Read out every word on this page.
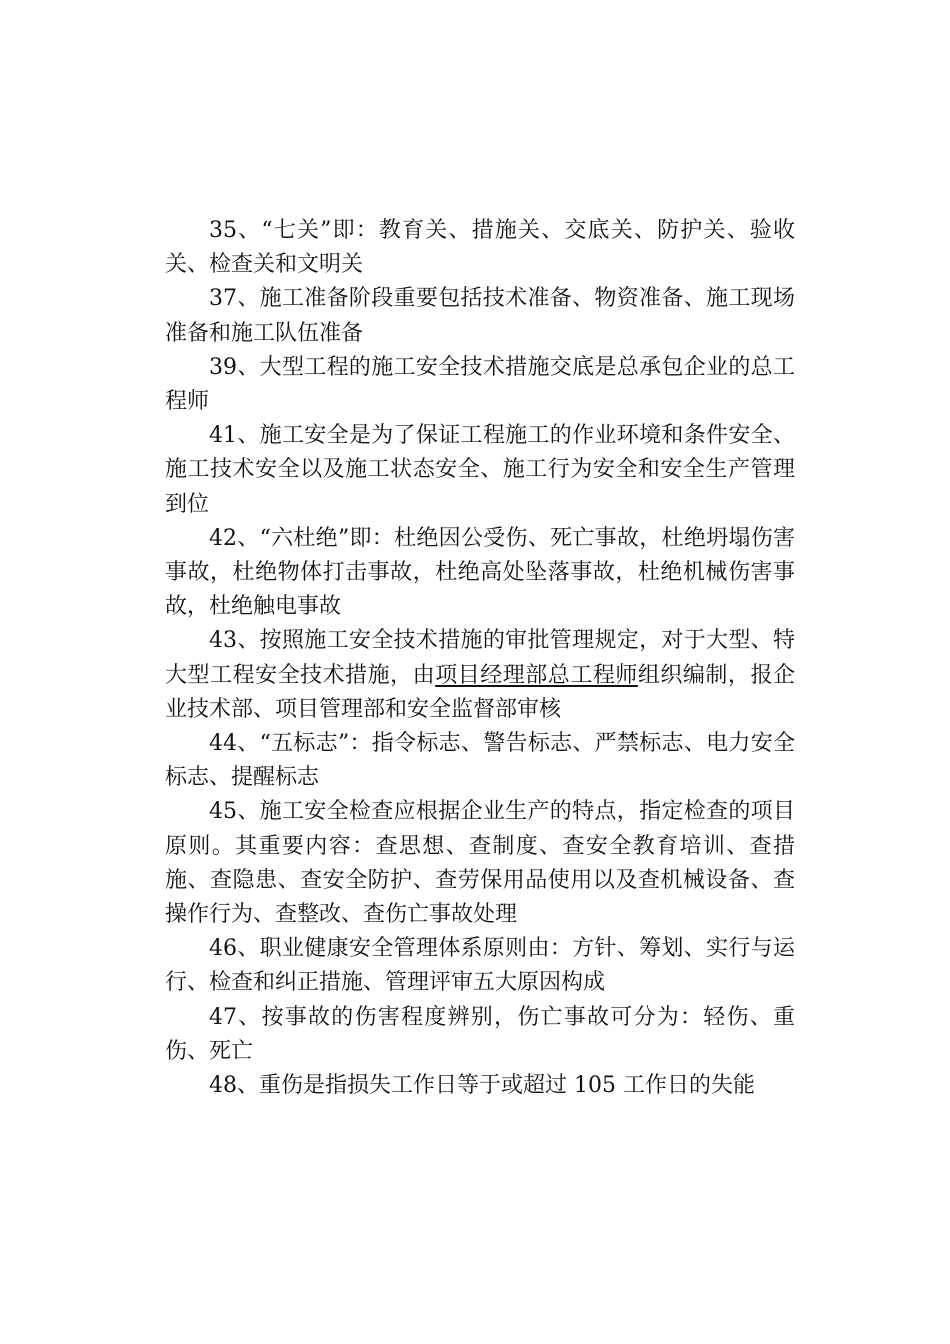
35、“七关”即：教育关、措施关、交底关、防护关、验收关、检查关和文明关

37、施工准备阶段重要包括技术准备、物资准备、施工现场准备和施工队伍准备

39、大型工程的施工安全技术措施交底是总承包企业的总工程师

41、施工安全是为了保证工程施工的作业环境和条件安全、施工技术安全以及施工状态安全、施工行为安全和安全生产管理到位

42、“六杜绝”即：杜绝因公受伤、死亡事故，杜绝坍塌伤害事故，杜绝物体打击事故，杜绝高处坠落事故，杜绝机械伤害事故，杜绝触电事故

43、按照施工安全技术措施的审批管理规定，对于大型、特大型工程安全技术措施，由项目经理部总工程师组织编制，报企业技术部、项目管理部和安全监督部审核

44、“五标志”：指令标志、警告标志、严禁标志、电力安全标志、提醒标志

45、施工安全检查应根据企业生产的特点，指定检查的项目原则。其重要内容：查思想、查制度、查安全教育培训、查措施、查隐患、查安全防护、查劳保用品使用以及查机械设备、查操作行为、查整改、查伤亡事故处理

46、职业健康安全管理体系原则由：方针、筹划、实行与运行、检查和纠正措施、管理评审五大原因构成

47、按事故的伤害程度辨别，伤亡事故可分为：轻伤、重伤、死亡

48、重伤是指损失工作日等于或超过 105 工作日的失能
